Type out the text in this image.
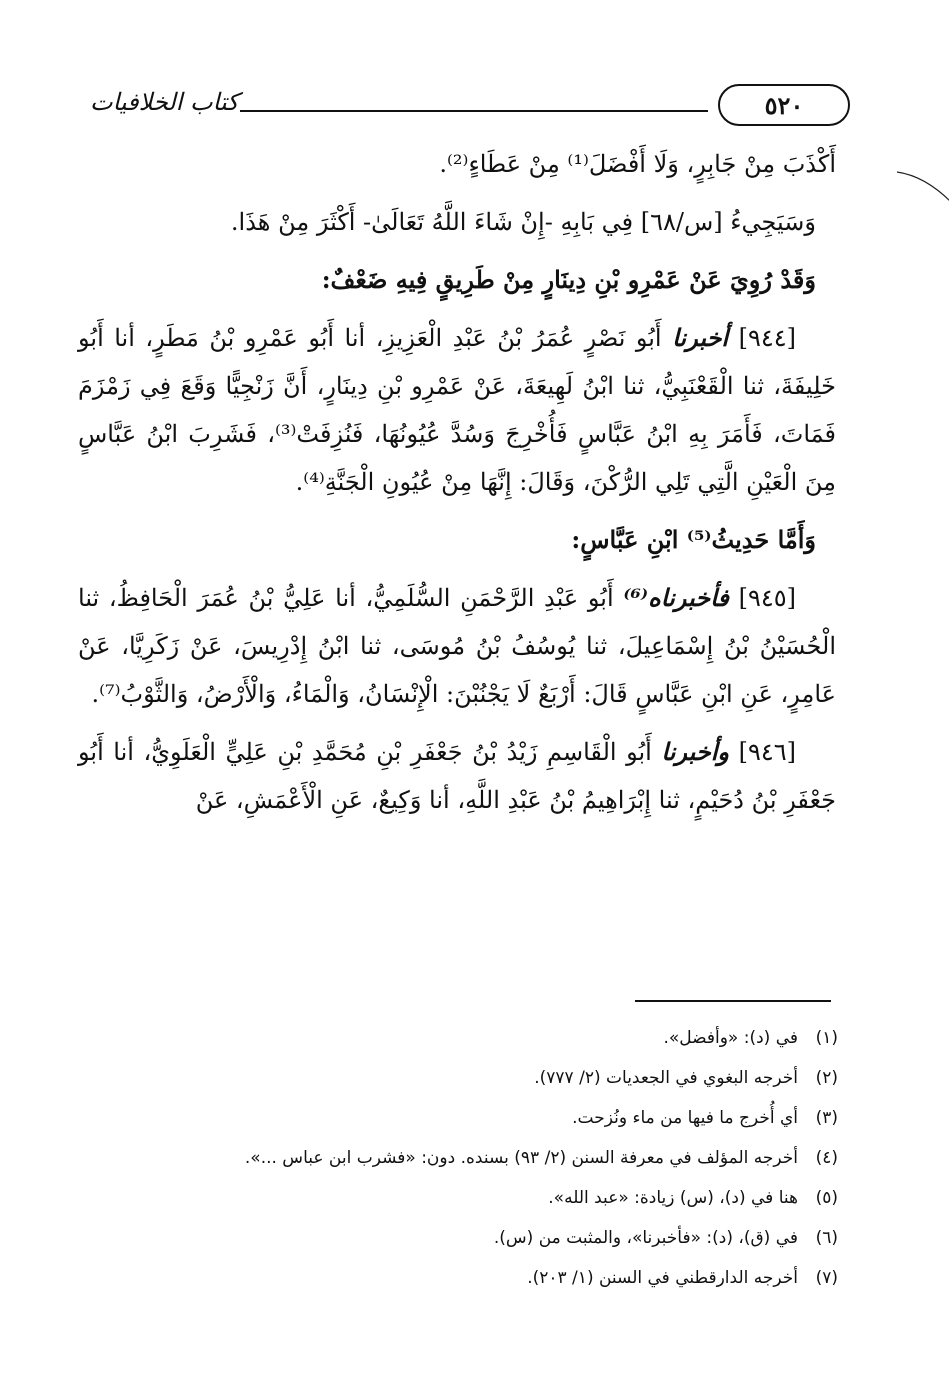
كتاب الخلافيات	٥٢٠

أَكْذَبَ مِنْ جَابِرٍ، وَلَا أَفْضَلَ⁽¹⁾ مِنْ عَطَاءٍ⁽²⁾.

وَسَيَجِيءُ [س/٦٨] فِي بَابِهِ -إِنْ شَاءَ اللَّهُ تَعَالَىٰ- أَكْثَرَ مِنْ هَذَا.

وَقَدْ رُوِيَ عَنْ عَمْرِو بْنِ دِينَارٍ مِنْ طَرِيقٍ فِيهِ ضَعْفٌ:

[٩٤٤] أخبرنا أَبُو نَصْرٍ عُمَرُ بْنُ عَبْدِ الْعَزِيزِ، أنا أَبُو عَمْرِو بْنُ مَطَرٍ، أنا أَبُو خَلِيفَةَ، ثنا الْقَعْنَبِيُّ، ثنا ابْنُ لَهِيعَةَ، عَنْ عَمْرِو بْنِ دِينَارٍ، أَنَّ زَنْجِيًّا وَقَعَ فِي زَمْزَمَ فَمَاتَ، فَأَمَرَ بِهِ ابْنُ عَبَّاسٍ فَأُخْرِجَ وَسُدَّ عُيُونُهَا، فَنُزِفَتْ⁽³⁾، فَشَرِبَ ابْنُ عَبَّاسٍ مِنَ الْعَيْنِ الَّتِي تَلِي الرُّكْنَ، وَقَالَ: إِنَّهَا مِنْ عُيُونِ الْجَنَّةِ⁽⁴⁾.

وَأَمَّا حَدِيثُ⁽⁵⁾ ابْنِ عَبَّاسٍ:

[٩٤٥] فأخبرناه⁽⁶⁾ أَبُو عَبْدِ الرَّحْمَنِ السُّلَمِيُّ، أنا عَلِيُّ بْنُ عُمَرَ الْحَافِظُ، ثنا الْحُسَيْنُ بْنُ إِسْمَاعِيلَ، ثنا يُوسُفُ بْنُ مُوسَى، ثنا ابْنُ إِدْرِيسَ، عَنْ زَكَرِيَّا، عَنْ عَامِرٍ، عَنِ ابْنِ عَبَّاسٍ قَالَ: أَرْبَعٌ لَا يَجْنُبْنَ: الْإِنْسَانُ، وَالْمَاءُ، وَالْأَرْضُ، وَالثَّوْبُ⁽⁷⁾.

[٩٤٦] وأخبرنا أَبُو الْقَاسِمِ زَيْدُ بْنُ جَعْفَرِ بْنِ مُحَمَّدِ بْنِ عَلِيٍّ الْعَلَوِيُّ، أنا أَبُو جَعْفَرِ بْنُ دُحَيْمٍ، ثنا إِبْرَاهِيمُ بْنُ عَبْدِ اللَّهِ، أنا وَكِيعٌ، عَنِ الْأَعْمَشِ، عَنْ

(١)في (د): «وأفضل».
(٢)أخرجه البغوي في الجعديات (٢/ ٧٧٧).
(٣)أي أُخرج ما فيها من ماء ونُزحت.
(٤)أخرجه المؤلف في معرفة السنن (٢/ ٩٣) بسنده. دون: «فشرب ابن عباس ...».
(٥)هنا في (د)، (س) زيادة: «عبد الله».
(٦)في (ق)، (د): «فأخبرنا»، والمثبت من (س).
(٧)أخرجه الدارقطني في السنن (١/ ٢٠٣).
